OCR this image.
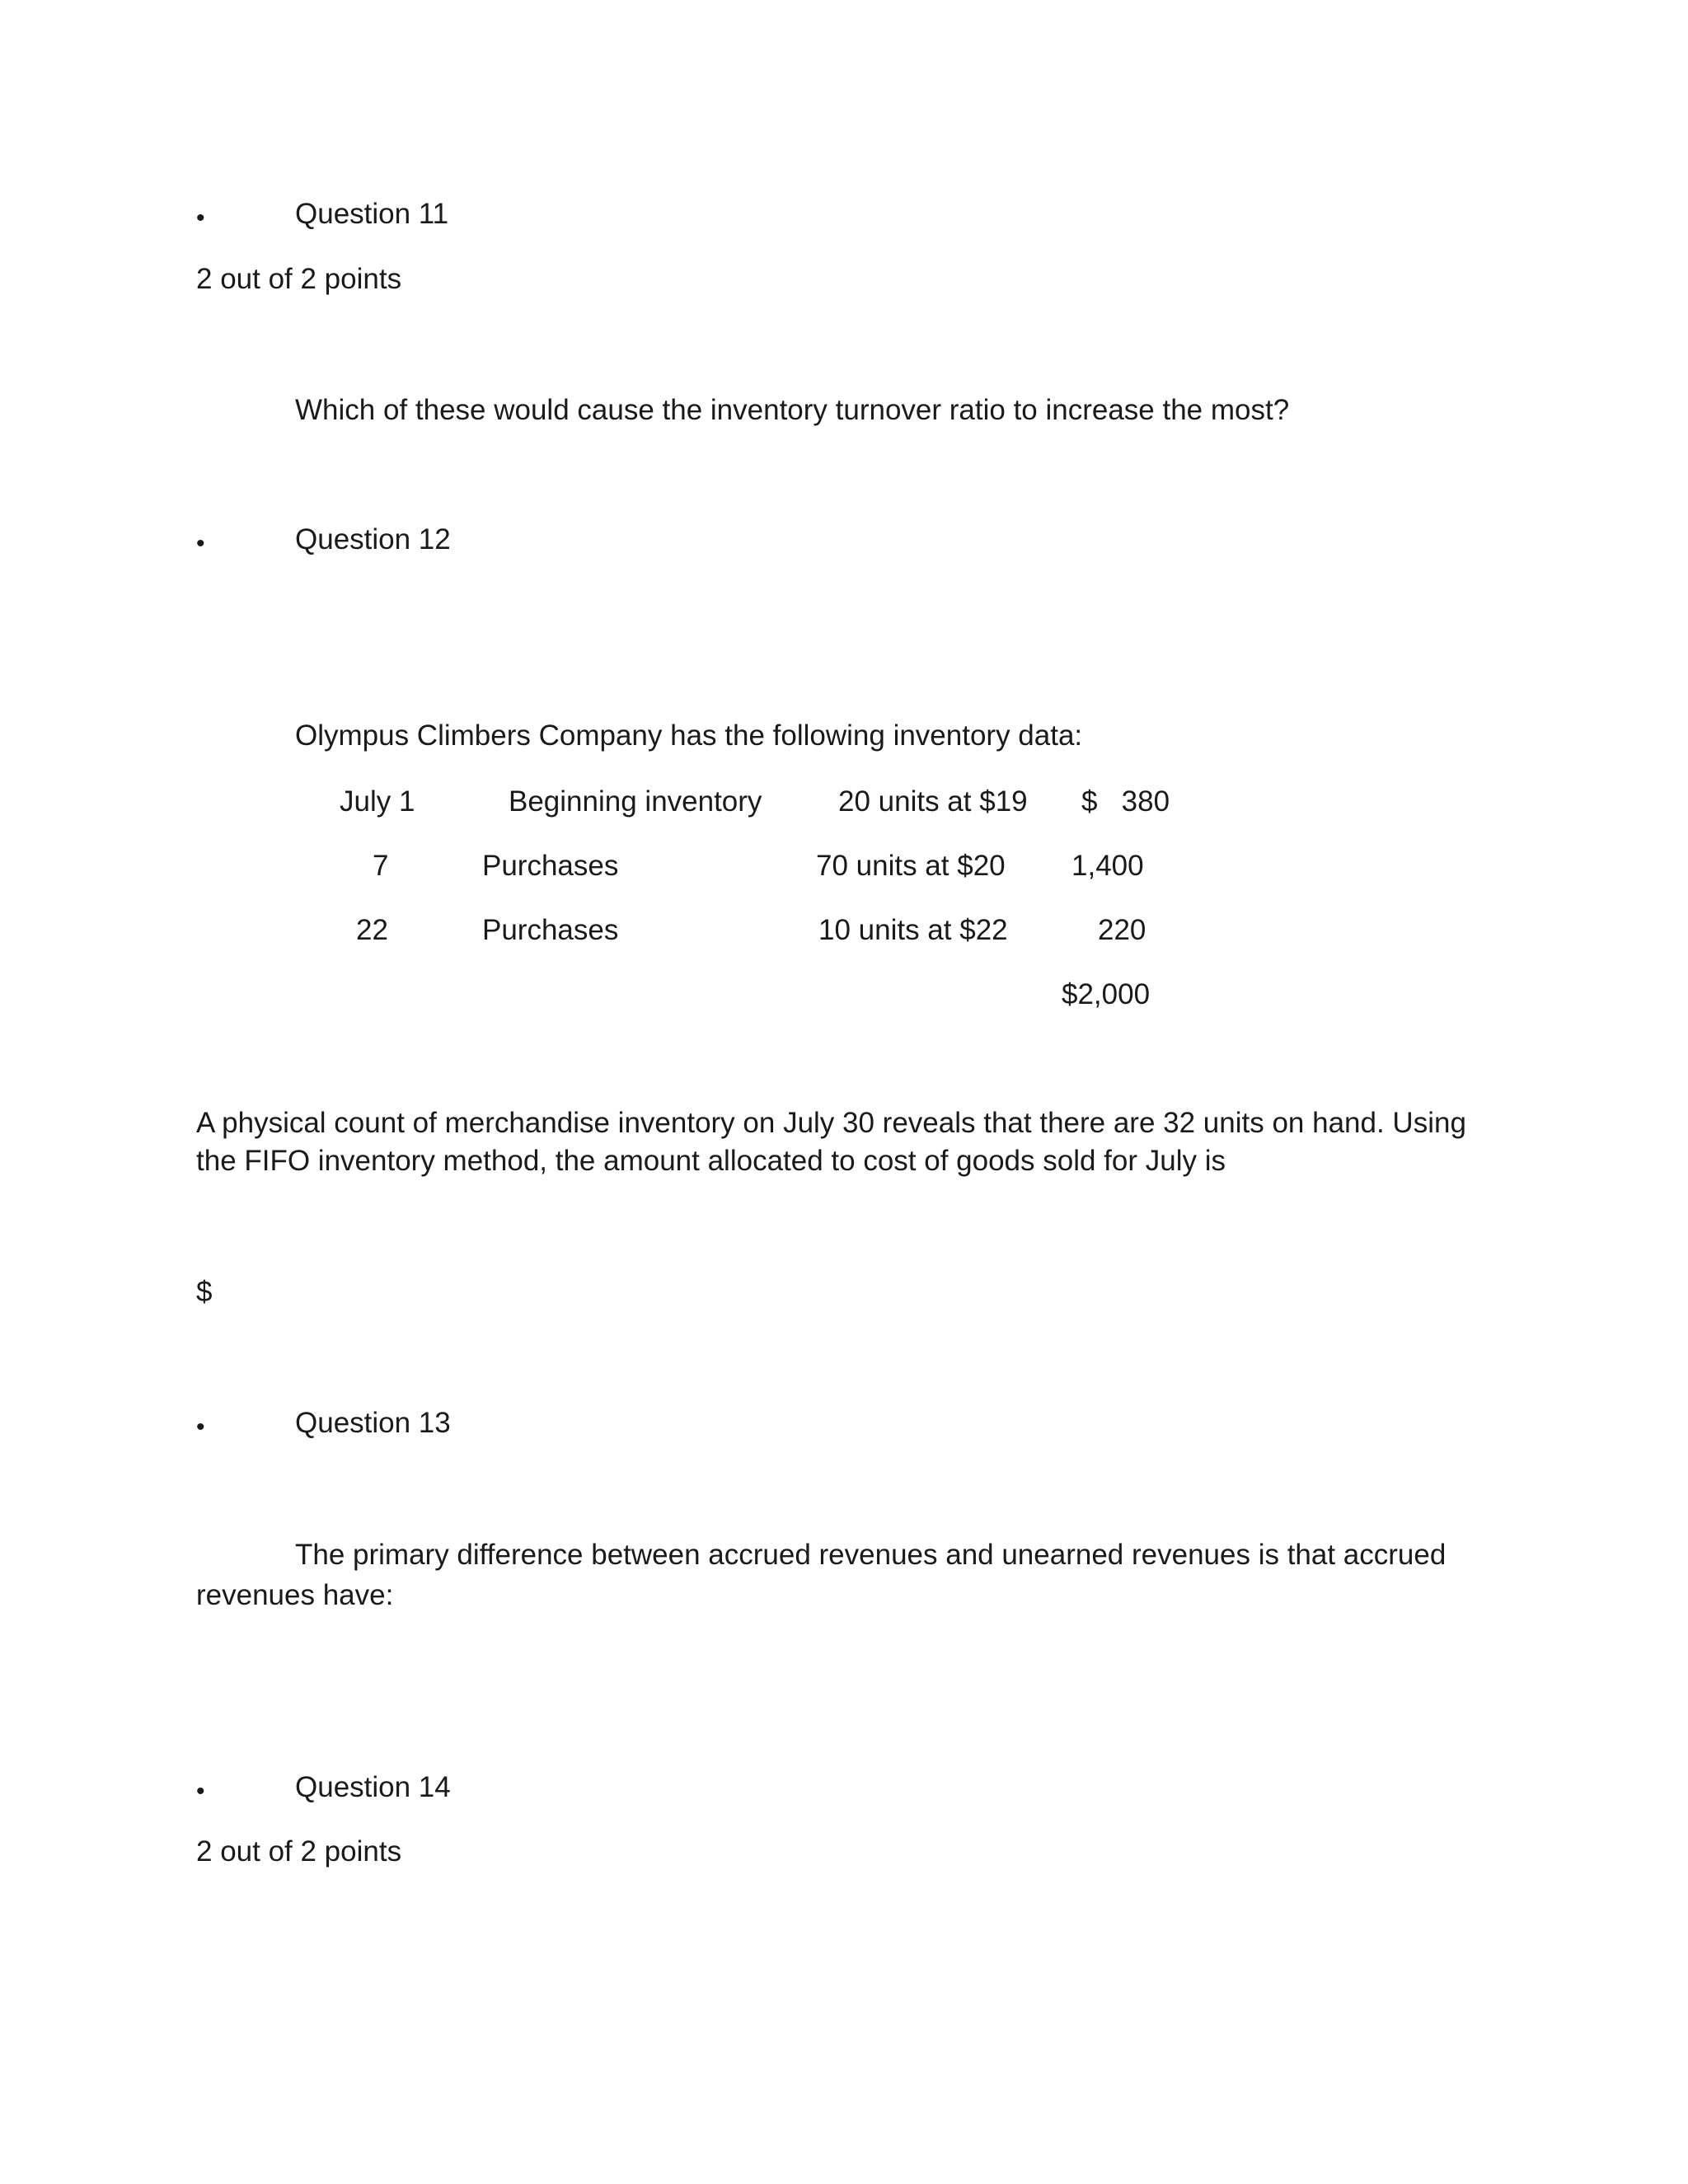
•	Question 11
2 out of 2 points
Which of these would cause the inventory turnover ratio to increase the most?
•	Question 12
Olympus Climbers Company has the following inventory data:
July 1	Beginning inventory	20 units at $19 $   380
7	Purchases	70 units at $20 1,400
22	Purchases	10 units at $22	220
$2,000
A physical count of merchandise inventory on July 30 reveals that there are 32 units on hand. Using the FIFO inventory method, the amount allocated to cost of goods sold for July is
$
•	Question 13
The primary difference between accrued revenues and unearned revenues is that accrued revenues have:
•	Question 14
2 out of 2 points
